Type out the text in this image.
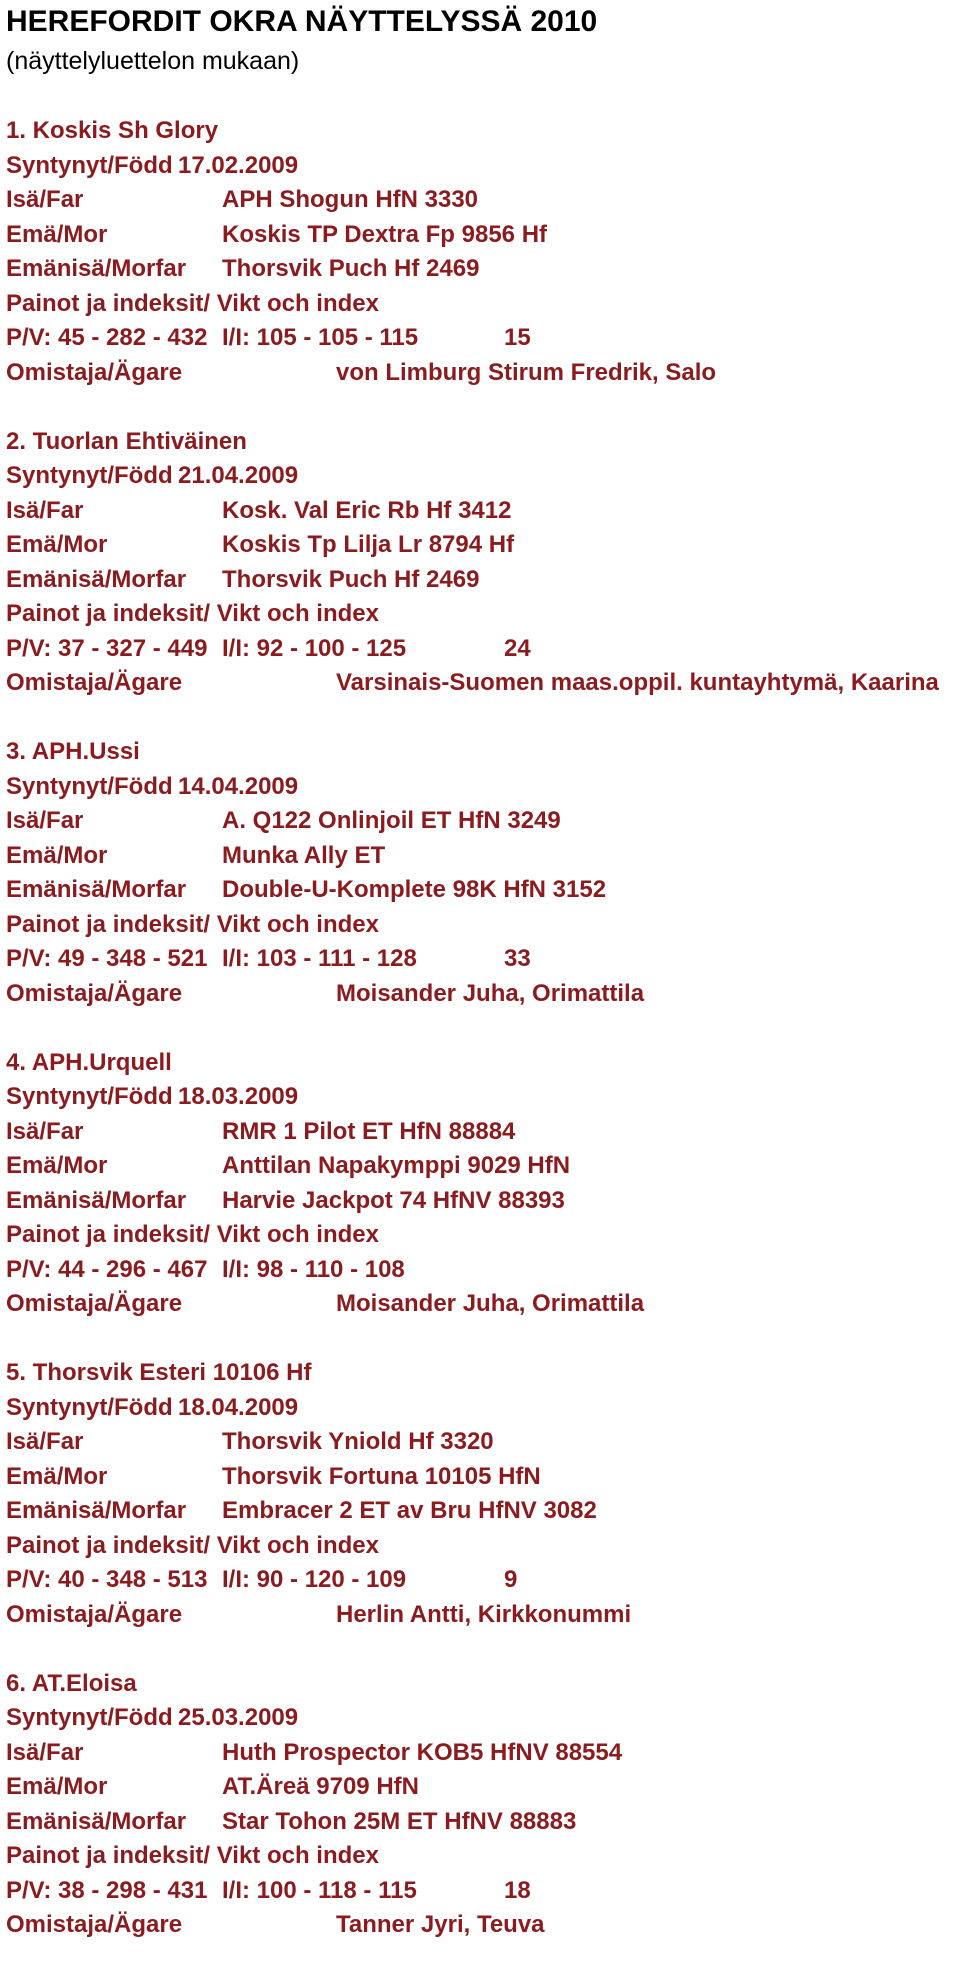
HEREFORDIT OKRA NÄYTTELYSSÄ 2010
(näyttelyluettelon mukaan)
1. Koskis Sh Glory
Syntynyt/Född 17.02.2009
Isä/Far	APH Shogun HfN 3330
Emä/Mor	Koskis TP Dextra Fp 9856 Hf
Emänisä/Morfar Thorsvik Puch Hf 2469
Painot ja indeksit/ Vikt och index
P/V: 45 - 282 - 432 I/I: 105 - 105 - 115	15
Omistaja/Ägare	von Limburg Stirum Fredrik, Salo
2. Tuorlan Ehtiväinen
Syntynyt/Född 21.04.2009
Isä/Far	Kosk. Val Eric Rb Hf 3412
Emä/Mor	Koskis Tp Lilja Lr 8794 Hf
Emänisä/Morfar Thorsvik Puch Hf 2469
Painot ja indeksit/ Vikt och index
P/V: 37 - 327 - 449 I/I: 92 - 100 - 125	24
Omistaja/Ägare	Varsinais-Suomen maas.oppil. kuntayhtymä, Kaarina
3. APH.Ussi
Syntynyt/Född 14.04.2009
Isä/Far	A. Q122 Onlinjoil ET HfN 3249
Emä/Mor	Munka Ally ET
Emänisä/Morfar Double-U-Komplete 98K HfN 3152
Painot ja indeksit/ Vikt och index
P/V: 49 - 348 - 521 I/I: 103 - 111 - 128	33
Omistaja/Ägare	Moisander Juha, Orimattila
4. APH.Urquell
Syntynyt/Född 18.03.2009
Isä/Far	RMR 1 Pilot ET HfN 88884
Emä/Mor	Anttilan Napakymppi 9029 HfN
Emänisä/Morfar Harvie Jackpot 74 HfNV 88393
Painot ja indeksit/ Vikt och index
P/V: 44 - 296 - 467 I/I: 98 - 110 - 108
Omistaja/Ägare	Moisander Juha, Orimattila
5. Thorsvik Esteri 10106 Hf
Syntynyt/Född 18.04.2009
Isä/Far	Thorsvik Yniold Hf 3320
Emä/Mor	Thorsvik Fortuna 10105 HfN
Emänisä/Morfar Embracer 2 ET av Bru HfNV 3082
Painot ja indeksit/ Vikt och index
P/V: 40 - 348 - 513 I/I: 90 - 120 - 109	9
Omistaja/Ägare	Herlin Antti, Kirkkonummi
6. AT.Eloisa
Syntynyt/Född 25.03.2009
Isä/Far	Huth Prospector KOB5 HfNV 88554
Emä/Mor	AT.Äreä 9709 HfN
Emänisä/Morfar Star Tohon 25M ET HfNV 88883
Painot ja indeksit/ Vikt och index
P/V: 38 - 298 - 431 I/I: 100 - 118 - 115	18
Omistaja/Ägare	Tanner Jyri, Teuva
